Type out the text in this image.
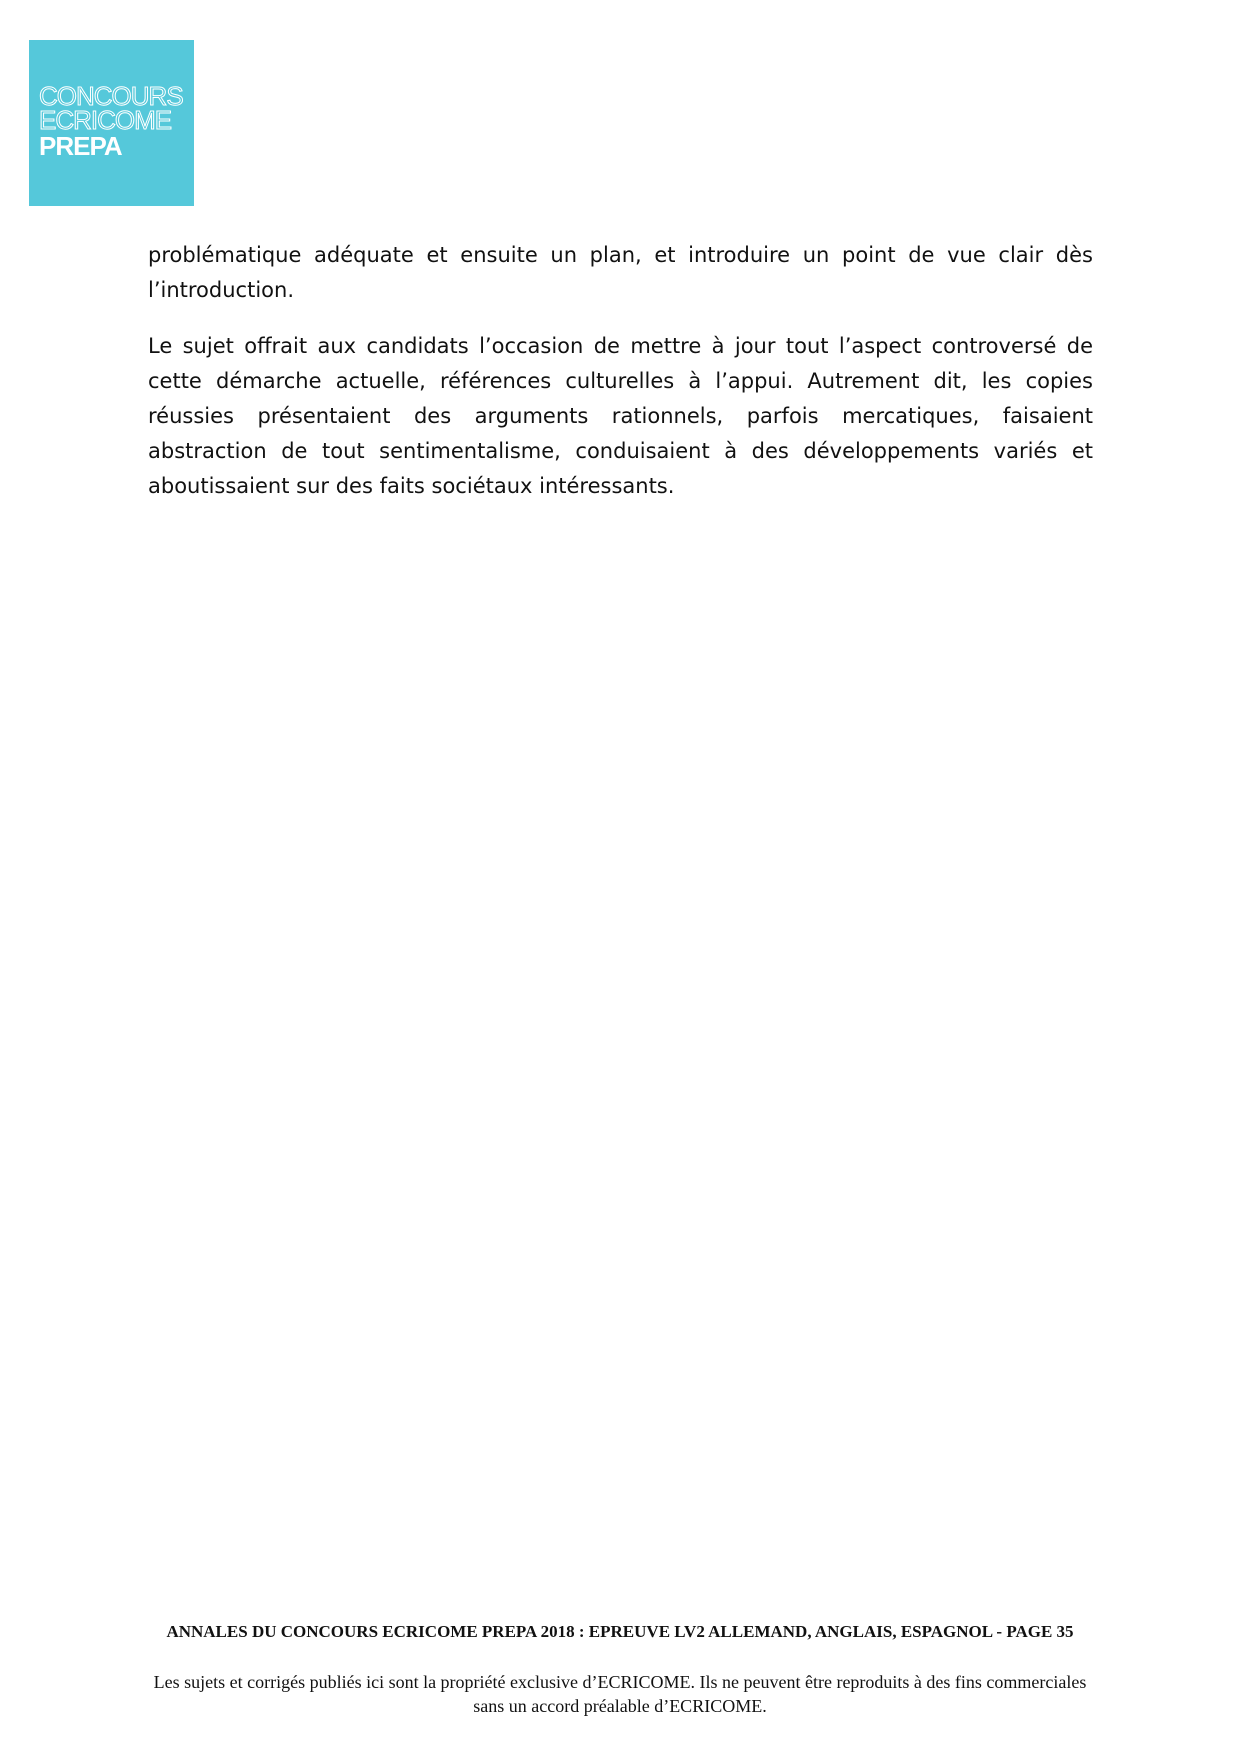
CONCOURS
ECRICOME
PREPA

problématique adéquate et ensuite un plan, et introduire un point de vue clair dès l’introduction.

Le sujet offrait aux candidats l’occasion de mettre à jour tout l’aspect controversé de cette démarche actuelle, références culturelles à l’appui. Autrement dit, les copies réussies présentaient des arguments rationnels, parfois mercatiques, faisaient abstraction de tout sentimentalisme, conduisaient à des développements variés et aboutissaient sur des faits sociétaux intéressants.

ANNALES DU CONCOURS ECRICOME PREPA 2018 : EPREUVE LV2 ALLEMAND, ANGLAIS, ESPAGNOL - PAGE 35
Les sujets et corrigés publiés ici sont la propriété exclusive d’ECRICOME. Ils ne peuvent être reproduits à des fins commerciales sans un accord préalable d’ECRICOME.
